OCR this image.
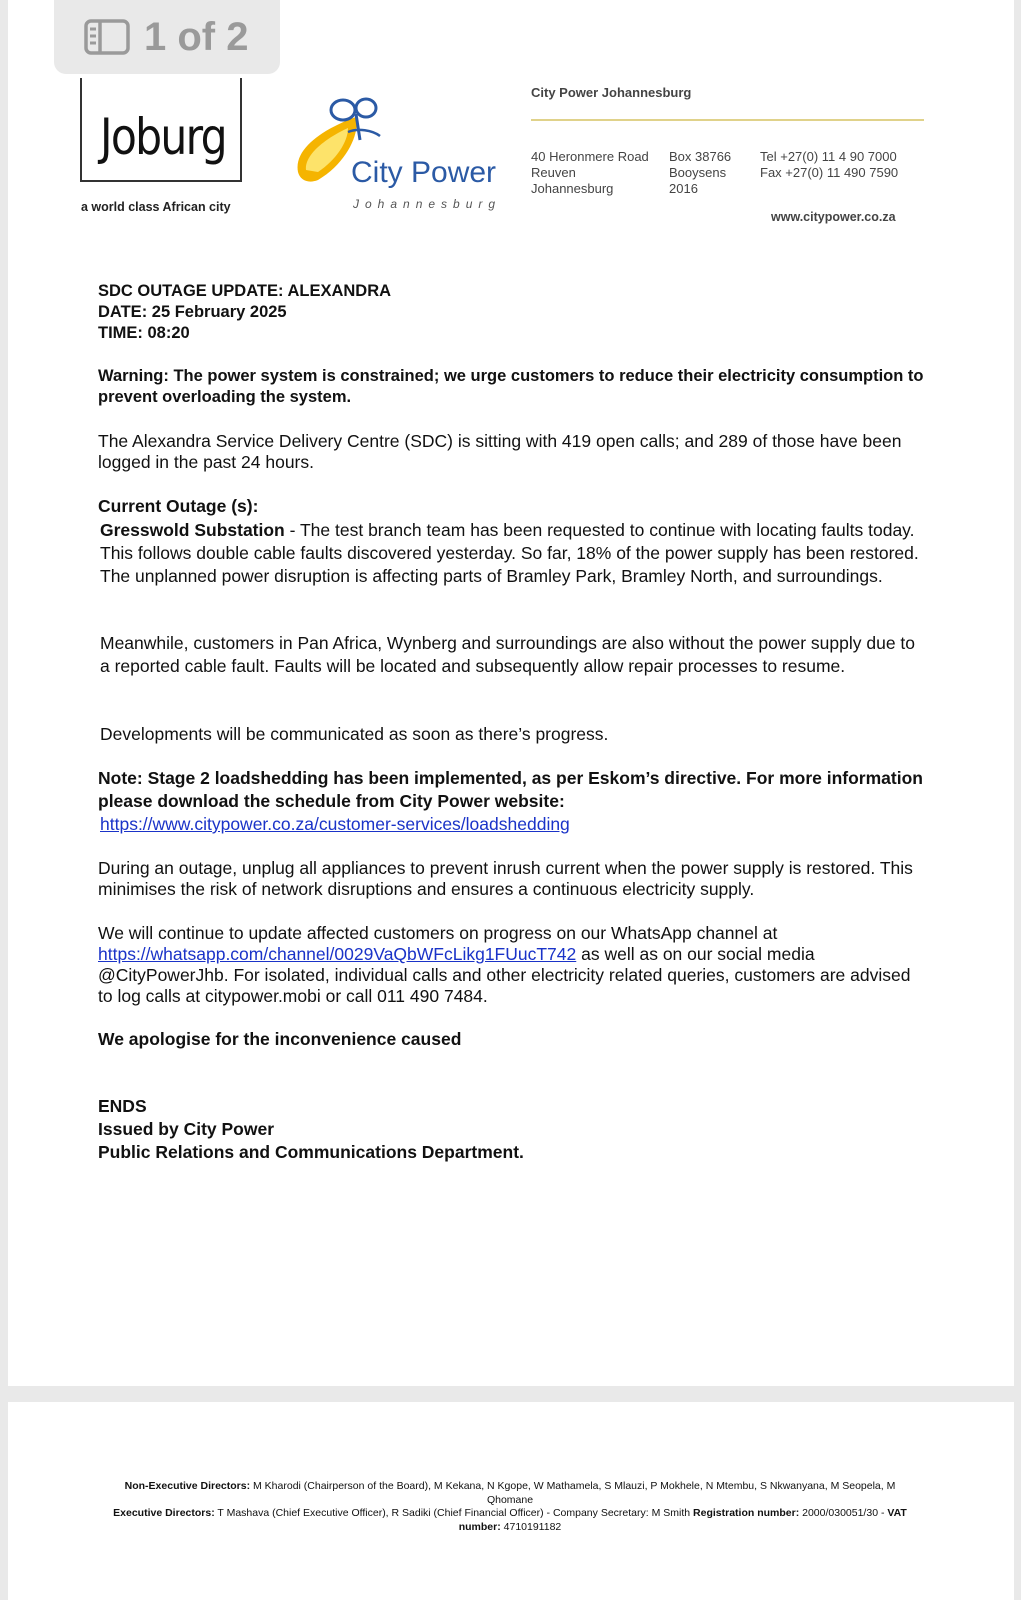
Joburg
a world class African city
City Power
Johannesburg
City Power Johannesburg
40 Heronmere Road
Reuven
Johannesburg
Box 38766
Booysens
2016
Tel +27(0) 11 4 90 7000
Fax +27(0) 11 490 7590
www.citypower.co.za
SDC OUTAGE UPDATE: ALEXANDRA
DATE: 25 February 2025
TIME: 08:20
Warning: The power system is constrained; we urge customers to reduce their electricity consumption to prevent overloading the system.
The Alexandra Service Delivery Centre (SDC) is sitting with 419 open calls; and 289 of those have been logged in the past 24 hours.
Current Outage (s):
Gresswold Substation - The test branch team has been requested to continue with locating faults today. This follows double cable faults discovered yesterday. So far, 18% of the power supply has been restored. The unplanned power disruption is affecting parts of Bramley Park, Bramley North, and surroundings.
Meanwhile, customers in Pan Africa, Wynberg and surroundings are also without the power supply due to a reported cable fault. Faults will be located and subsequently allow repair processes to resume.
Developments will be communicated as soon as there’s progress.
Note: Stage 2 loadshedding has been implemented, as per Eskom’s directive. For more information please download the schedule from City Power website:
https://www.citypower.co.za/customer-services/loadshedding
During an outage, unplug all appliances to prevent inrush current when the power supply is restored. This minimises the risk of network disruptions and ensures a continuous electricity supply.
We will continue to update affected customers on progress on our WhatsApp channel at https://whatsapp.com/channel/0029VaQbWFcLikg1FUucT742 as well as on our social media @CityPowerJhb. For isolated, individual calls and other electricity related queries, customers are advised to log calls at citypower.mobi or call 011 490 7484.
We apologise for the inconvenience caused
ENDS
Issued by City Power
Public Relations and Communications Department.
Non-Executive Directors: M Kharodi (Chairperson of the Board), M Kekana, N Kgope, W Mathamela, S Mlauzi, P Mokhele, N Mtembu, S Nkwanyana, M Seopela, M Qhomane
Executive Directors: T Mashava (Chief Executive Officer), R Sadiki (Chief Financial Officer) - Company Secretary: M Smith Registration number: 2000/030051/30 - VAT number: 4710191182
1 of 2
